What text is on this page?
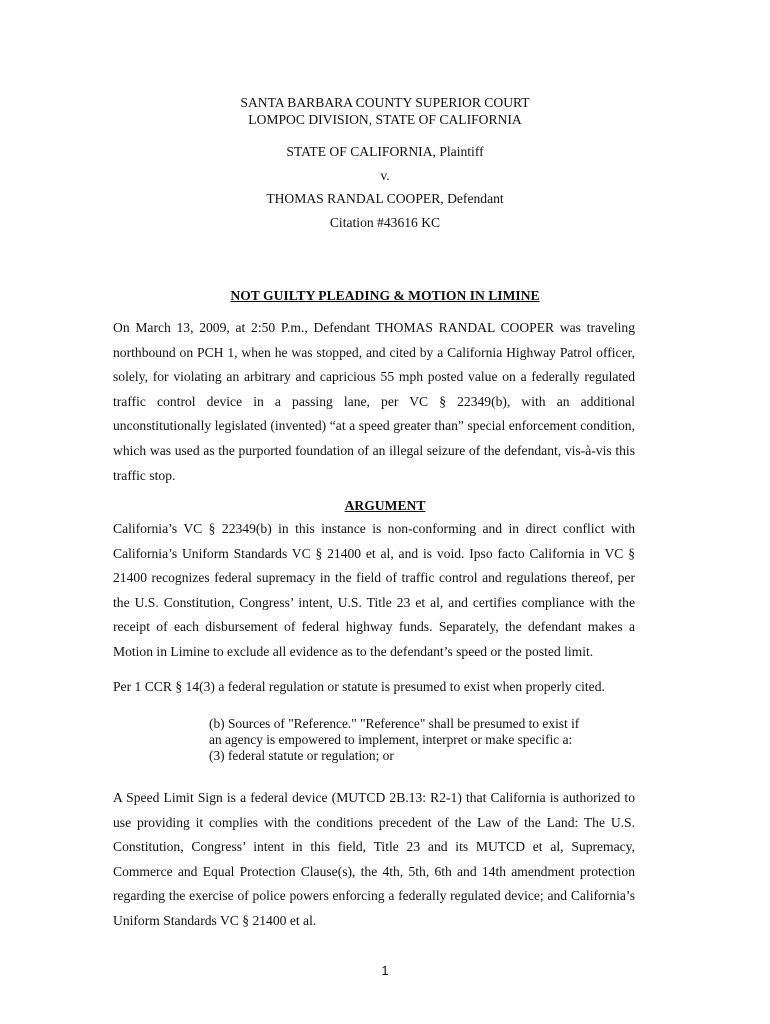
SANTA BARBARA COUNTY SUPERIOR COURT
LOMPOC DIVISION, STATE OF CALIFORNIA
STATE OF CALIFORNIA, Plaintiff
v.
THOMAS RANDAL COOPER, Defendant
Citation #43616 KC
NOT GUILTY PLEADING & MOTION IN LIMINE

On March 13, 2009, at 2:50 P.m., Defendant THOMAS RANDAL COOPER was traveling northbound on PCH 1, when he was stopped, and cited by a California Highway Patrol officer, solely, for violating an arbitrary and capricious 55 mph posted value on a federally regulated traffic control device in a passing lane, per VC § 22349(b), with an additional unconstitutionally legislated (invented) “at a speed greater than” special enforcement condition, which was used as the purported foundation of an illegal seizure of the defendant, vis-à-vis this traffic stop.

ARGUMENT

California’s VC § 22349(b) in this instance is non-conforming and in direct conflict with California’s Uniform Standards VC § 21400 et al, and is void. Ipso facto California in VC § 21400 recognizes federal supremacy in the field of traffic control and regulations thereof, per the U.S. Constitution, Congress’ intent, U.S. Title 23 et al, and certifies compliance with the receipt of each disbursement of federal highway funds. Separately, the defendant makes a Motion in Limine to exclude all evidence as to the defendant’s speed or the posted limit.

Per 1 CCR § 14(3) a federal regulation or statute is presumed to exist when properly cited.

(b) Sources of "Reference." "Reference" shall be presumed to exist if
an agency is empowered to implement, interpret or make specific a:
(3) federal statute or regulation; or

A Speed Limit Sign is a federal device (MUTCD 2B.13: R2-1) that California is authorized to use providing it complies with the conditions precedent of the Law of the Land: The U.S. Constitution, Congress’ intent in this field, Title 23 and its MUTCD et al, Supremacy, Commerce and Equal Protection Clause(s), the 4th, 5th, 6th and 14th amendment protection regarding the exercise of police powers enforcing a federally regulated device; and California’s Uniform Standards VC § 21400 et al.

1
